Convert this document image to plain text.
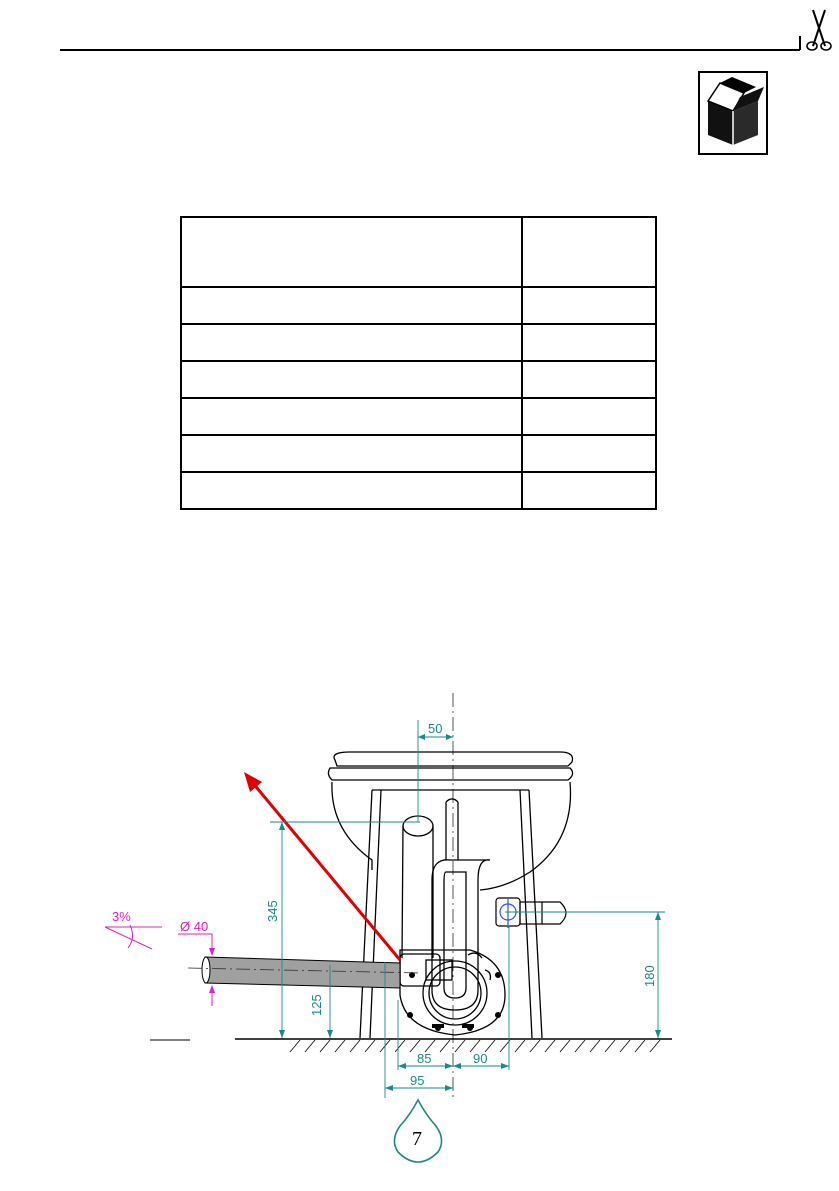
50
345
125
180
85	90
95
Ø 40
3%
7
